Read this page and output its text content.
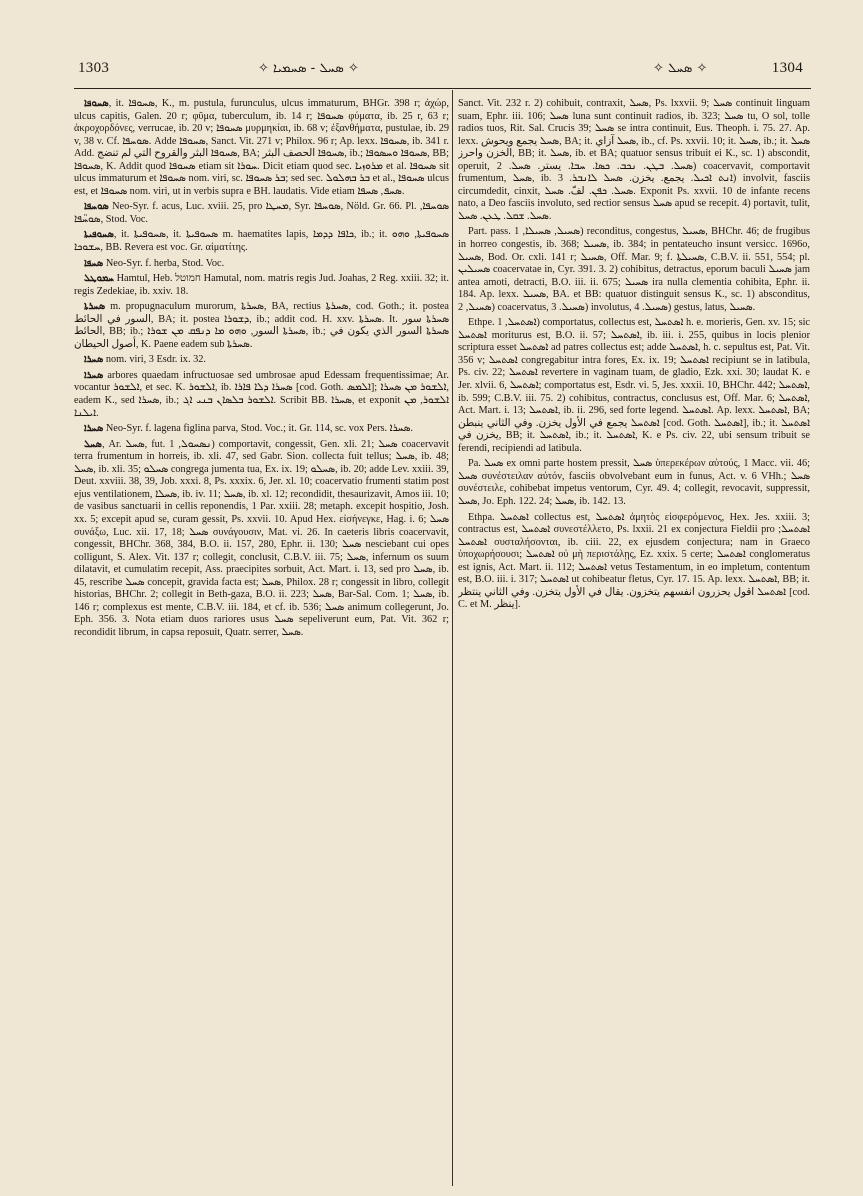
1303	✧ ܣܚܠ - ܣܚܡܝܐ ✧	✧ ܣܚܠ ✧	1304

ܣܚܘܦܐ, it. ܣܚܘܦܐ, K., m. pustula, furunculus, ulcus immaturum, BHGr. 398 r; ἀχώρ, ulcus capitis, Galen. 20 r; φῦμα, tuberculum, ib. 14 r; ܣܚܘܦܐ φύματα, ib. 25 r, 63 r; ἀκροχορδόνες, verrucae, ib. 20 v; ܣܚܘܦܐ μυρμηκίαι, ib. 68 v; ἐξανθήματα, pustulae, ib. 29 v, 38 v. Cf. ܣܘܚܦܐ. Adde ܣܚܘܦܐ, Sanct. Vit. 271 v; Philox. 96 r; Ap. lexx. ܣܚܘܦܐ, ib. 341 r. Add. ܣܚܘܦܐ البثر والقروح التي لم تنضج, BA; ܣܚܘܦܐ الحصف البثر, ib.; ܣܚܘܦܐ ܘܚܣܘܦܐ, BB; ܣܚܘܦܐ, K. Addit quod ܣܚܘܦܐ etiam sit ܚܘܪܐ. Dicit etiam quod sec. ܡܪܘܙܝܐ et al. ܣܚܘܦܐ sit ulcus immaturum et ܣܚܘܦܐ nom. viri, sc. ܒܪ ܣܚܘܦܐ; sed sec. ܒܪ ܒܗܠܘܠ et al., ܣܚܘܦܐ ulcus est, et ܣܚܘܦܐ nom. viri, ut in verbis supra e BH. laudatis. Vide etiam ܣܚܦ, ܣܚܦܐ.

ܣܘܚܦܐ Neo-Syr. f. acus, Luc. xviii. 25, pro ܡܚܛܐ, Syr. ܣܘܚܦܐ, Nöld. Gr. 66. Pl. ܣܘܚܦܐ, ܣܘܚ̈ܦܐ, Stod. Voc.

ܣܚܘܦܝܬܐ, it. ܣܚܘܦܝܬܐ, it. ܣܚܘܦܝܬܐ m. haematites lapis, ܟܐܦܐ ܕܕܡܐ, ib.; it. ܣܚܘܦܝܬܐ, ܘܗܘ ܚܫܘܟܐ, BB. Revera est voc. Gr. αἱματίτης.

ܣܚܦܐ Neo-Syr. f. herba, Stod. Voc.

ܚܡܘܛܠ Hamtul, Heb. חמוטל Hamutal, nom. matris regis Jud. Joahas, 2 Reg. xxiii. 32; it. regis Zedekiae, ib. xxiv. 18.

ܣܚܪܬܐ m. propugnaculum murorum, ܣܚܪܬܐ, BA, rectius ܣܚܪܬܐ, cod. Goth.; it. postea السور في الحائط, BA; it. postea ܕܫܘܪܐ, ib.; addit cod. H. xxv. ܣܚܪܬܐ. It. ܣܚܪܬܐ سور الحائط, BB; ib.; ܣܚܪܬܐ السور, ܘܗܘ ܡܐ ܕܢܦܩ ܡܢ ܫܘܪܐ, ib.; ܣܚܪܬܐ السور الذي يكون في أصول الحيطان, K. Paene eadem sub ܣܚܪܬܐ.

ܣܚܪܐ nom. viri, 3 Esdr. ix. 32.

ܣܚܪܐ arbores quaedam infructuosae sed umbrosae apud Edessam frequentissimae; Ar. vocantur ܐܠܫܘܪ, et sec. K. ܐܠܫܘܪ, ib. ܣܚܪܐ ܕܠܐ ܦܐܪܐ [cod. Goth. ܐܠܡܣ]; ܐܠܫܘܪ ܡܢ ܣܚܪܐ, eadem K., sed ܣܚܪܐ, ib.; ܐܠܫܘܪ ܒܠܣܐܢ ܒܢܝ ܐܓ. Scribit BB. ܣܚܪܐ, et exponit ܐܠܫܘܪ, ܡܢ ܐܝܠܢܐ.

ܣܚܪܐ Neo-Syr. f. lagena figlina parva, Stod. Voc.; it. Gr. 114, sc. vox Pers. ܣܚܪܐ.

ܣܚܠ, Ar. ܣܚܠ, fut. ܢܣܚܘܠ, 1) comportavit, congessit, Gen. xli. 21; ܣܚܠ coacervavit terra frumentum in horreis, ib. xli. 47, sed Gabr. Sion. collecta fuit tellus; ܣܚܠ, ib. 48; ܣܚܠ, ib. xli. 35; ܣܚܠܘ congrega jumenta tua, Ex. ix. 19; ܣܚܠܘ, ib. 20; adde Lev. xxiii. 39, Deut. xxviii. 38, 39, Job. xxxi. 8, Ps. xxxix. 6, Jer. xl. 10; coacervatio frumenti statim post ejus ventilationem, ܣܚܠܐ, ib. iv. 11; ܣܚܠ, ib. xl. 12; recondidit, thesaurizavit, Amos iii. 10; de vasibus sanctuarii in cellis reponendis, 1 Par. xxiii. 28; metaph. excepit hospitio, Josh. xx. 5; excepit apud se, curam gessit, Ps. xxvii. 10. Apud Hex. εἰσήνεγκε, Hag. i. 6; ܣܚܠ συνάξω, Luc. xii. 17, 18; ܣܚܠ συνάγουσιν, Mat. vi. 26. In caeteris libris coacervavit, congessit, BHChr. 368, 384, B.O. ii. 157, 280, Ephr. ii. 130; ܣܚܠ nesciebant cui opes colligunt, S. Alex. Vit. 137 r; collegit, conclusit, C.B.V. iii. 75; ܣܚܠ, infernum os suum dilatavit, et cumulatim recepit, Ass. praecipites sorbuit, Act. Mart. i. 13, sed pro ܣܚܠ, ib. 45, rescribe ܣܚܠ concepit, gravida facta est; ܣܚܠ, Philox. 28 r; congessit in libro, collegit historias, BHChr. 2; collegit in Beth-gaza, B.O. ii. 223; ܣܚܠ, Bar-Sal. Com. 1; ܣܚܠ, ib. 146 r; complexus est mente, C.B.V. iii. 184, et cf. ib. 536; ܣܚܠ animum collegerunt, Jo. Eph. 356. 3. Nota etiam duos rariores usus ܣܚܠ sepeliverunt eum, Pat. Vit. 362 r; recondidit librum, in capsa reposuit, Quatr. serrer, ܣܚܠ.

Sanct. Vit. 232 r. 2) cohibuit, contraxit, ܣܚܠ, Ps. lxxvii. 9; ܣܚܠ continuit linguam suam, Ephr. iii. 106; ܣܚܠ luna sunt continuit radios, ib. 323; ܣܚܠ tu, O sol, tolle radios tuos, Rit. Sal. Crucis 39; ܣܚܠ se intra continuit, Eus. Theoph. i. 75. 27. Ap. lexx. ܣܚܠ يجمع ويحوش, BA; it. ܣܚܠ آزاي, ib., cf. Ps. xxvii. 10; it. ܣܚܠ, ib.; it. ܣܚܠ الخزن واحرز, BB; it. ܣܚܠ, ib. et BA; quatuor sensus tribuit ei K., sc. 1) abscondit, operuit, ܣܚܠ. ܒܛܢ. ܢܟܒ. ܟܣܐ. ܚܒܐ. يستر. ܣܚܠ. 2) coacervavit, comportavit frumentum, ܣܚܠ, ib. ܐܢܬ ܐܟܝܠ. يجمع. يخزن. ܣܚܠ ܠܐܢܒܪ. 3) involvit, fasciis circumdedit, cinxit, ܣܚܠ. ܟܦܢ. لفّ. ܣܚܠ. Exponit Ps. xxvii. 10 de infante recens nato, a Deo fasciis involuto, sed rectior sensus ܣܚܠ apud se recepit. 4) portavit, tulit, ܣܚܠ. ܫܩܠ. ܛܥܢ. ܣܚܠ.

Part. pass. ܣܚܝܠ, ܣܚܝܠܐ, 1) reconditus, congestus, ܣܚܝܠ, BHChr. 46; de frugibus in horreo congestis, ib. 368; ܣܚܝܠ, ib. 384; in pentateucho insunt versicc. 1696o, ܣܚܝܠ, Bod. Or. cxli. 141 r; ܣܚܝܠ, Off. Mar. 9; f. ܣܚܝܠܬܐ, C.B.V. ii. 551, 554; pl. ܣܚܝܠܝܢ coacervatae in, Cyr. 391. 3. 2) cohibitus, detractus, eporum baculi ܣܚܝܠ jam antea amoti, detracti, B.O. iii. ii. 675; ܣܚܝܠ ira nulla clementia cohibita, Ephr. ii. 184. Ap. lexx. ܣܚܝܠ, BA. et BB: quatuor distinguit sensus K., sc. 1) absconditus, ܣܚܝܠ, 2) coacervatus, ܣܚܝܠ. 3) involutus, ܣܚܝܠ. 4) gestus, latus, ܣܚܝܠ.

Ethpe. ܐܣܬܚܠ, 1) comportatus, collectus est, ܐܣܬܚܠ h. e. morieris, Gen. xv. 15; sic ܐܣܬܚܠ moriturus est, B.O. ii. 57; ܐܣܬܚܠ, ib. iii. i. 255, quibus in locis plenior scriptura esset ܐܣܬܚܠ ad patres collectus est; adde ܐܣܬܚܠ, h. c. sepultus est, Pat. Vit. 356 v; ܐܣܬܚܠ congregabitur intra fores, Ex. ix. 19; ܐܣܬܚܠ recipiunt se in latibula, Ps. civ. 22; ܐܣܬܚܠ revertere in vaginam tuam, de gladio, Ezk. xxi. 30; laudat K. e Jer. xlvii. 6, ܐܣܬܚܠ; comportatus est, Esdr. vi. 5, Jes. xxxii. 10, BHChr. 442; ܐܣܬܚܠ, ib. 599; C.B.V. iii. 75. 2) cohibitus, contractus, conclusus est, Off. Mar. 6; ܐܣܬܚܠ, Act. Mart. i. 13; ܐܣܬܚܠ, ib. ii. 296, sed forte legend. ܐܣܬܚܠ. Ap. lexx. ܐܣܬܚܠ, BA; ܐܣܬܚܠ يجمع في الأول يخزن. وفي الثاني ينبطن [cod. Goth. ܐܣܬܚܠ], ib.; it. ܐܣܬܚܠ يخزن في, BB; it. ܐܣܬܚܠ, ib.; it. ܐܣܬܚܠ, K. e Ps. civ. 22, ubi sensum tribuit se ferendi, recipiendi ad latibula.

Pa. ܣܚܠ ex omni parte hostem pressit, ܣܚܠ ὑπερεκέρων αὐτούς, 1 Macc. vii. 46; ܣܚܠ συνέστειλαν αὐτόν, fasciis obvolvebant eum in funus, Act. v. 6 VHh.; ܣܚܠ συνέστειλε, cohibebat impetus ventorum, Cyr. 49. 4; collegit, revocavit, suppressit, ܣܚܠ, Jo. Eph. 122. 24; ܣܚܠ, ib. 142. 13.

Ethpa. ܐܣܬܚܠ collectus est, ܐܣܬܚܠ ἀμητὸς εἰσφερόμενος, Hex. Jes. xxiii. 3; contractus est, ܐܣܬܚܠ συνεστέλλετο, Ps. lxxii. 21 ex conjectura Fieldii pro ܐܣܬܚܠ; ܐܣܬܚܠ συσταλήσονται, ib. ciii. 22, ex ejusdem conjectura; nam in Graeco ὑποχωρήσουσι; ܐܣܬܚܠ οὐ μὴ περιστάλῃς, Ez. xxix. 5 certe; ܐܣܬܚܠ conglomeratus est ignis, Act. Mart. ii. 112; ܐܣܬܚܠ vetus Testamentum, in eo impletum, contentum est, B.O. iii. i. 317; ܐܣܬܚܠ ut cohibeatur fletus, Cyr. 17. 15. Ap. lexx. ܐܣܬܚܠ, BB; it. ܐܣܬܚܠ اقول يحزرون انفسهم يتخزون. يقال في الأول يتخزن. وفي الثاني ينتظر [cod. C. et M. ينظر].
